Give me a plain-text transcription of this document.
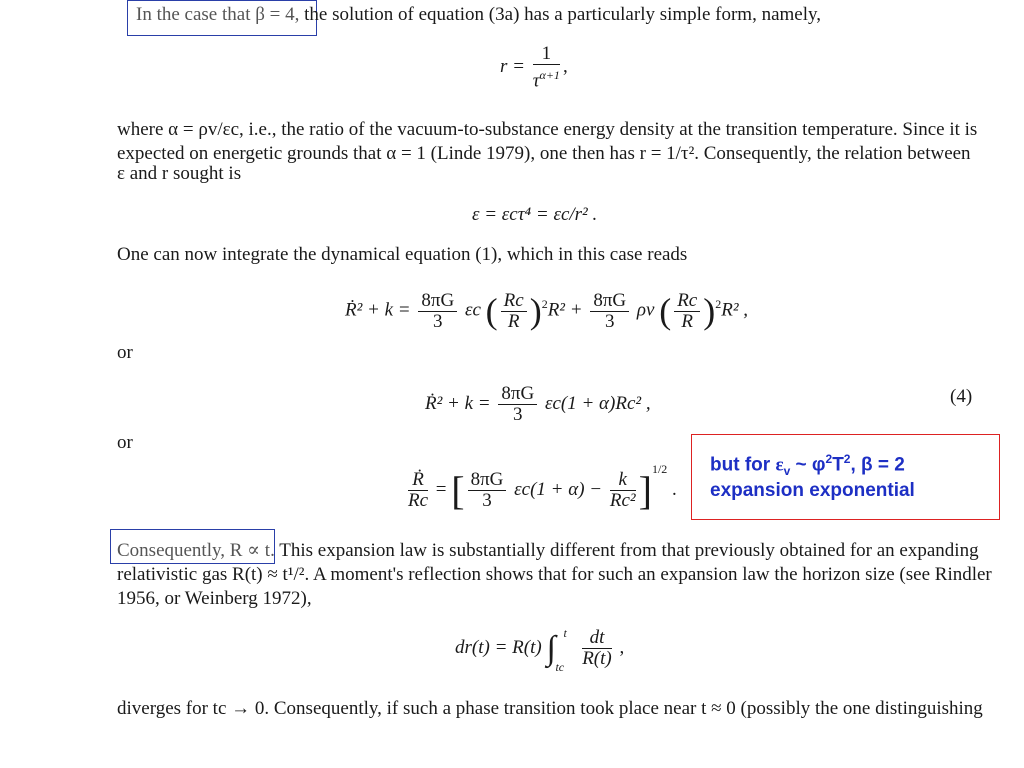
In the case that β = 4, the solution of equation (3a) has a particularly simple form, namely,
$r = \frac{1}{\tau^{\alpha+1}}$ ,
where α = ρv/εc, i.e., the ratio of the vacuum-to-substance energy density at the transition temperature. Since it is
expected on energetic grounds that α = 1 (Linde 1979), one then has r = 1/τ². Consequently, the relation between
ε and r sought is
ε = εcτ⁴ = εc/r² .
One can now integrate the dynamical equation (1), which in this case reads
Ṙ² + $k = \frac{8\pi G}{3}$ εc ( $\frac{Rc}{R} )^2R^2 + \frac{8\pi G}{3}$ ρv ( $\frac{Rc}{R} )^2R^2$ ,
or
Ṙ² + $k = \frac{8\pi G}{3} \varepsilon c(1 + \alpha)Rc^2$ ,	(4)
or
$\frac{\text{Ṙ}}{Rc}$ = [ $\frac{8\pi G}{3} \varepsilon c(1 + \alpha) - \frac{k}{\text{Rc²}} ]^{1/2}$ .
but for $\varepsilon_v$ ~ $\varphi^2T^2$, β = 2
expansion exponential
Consequently, R ∝ t. This expansion law is substantially different from that previously obtained for an expanding
relativistic gas R(t) ≈ t¹/². A moment's reflection shows that for such an expansion law the horizon size (see Rindler
1956, or Weinberg 1972),
dr(t) = R(t) ∫ t
tc
$\frac{dt}{R(t)}$ ,
diverges for tc → 0. Consequently, if such a phase transition took place near t ≈ 0 (possibly the one distinguishing
